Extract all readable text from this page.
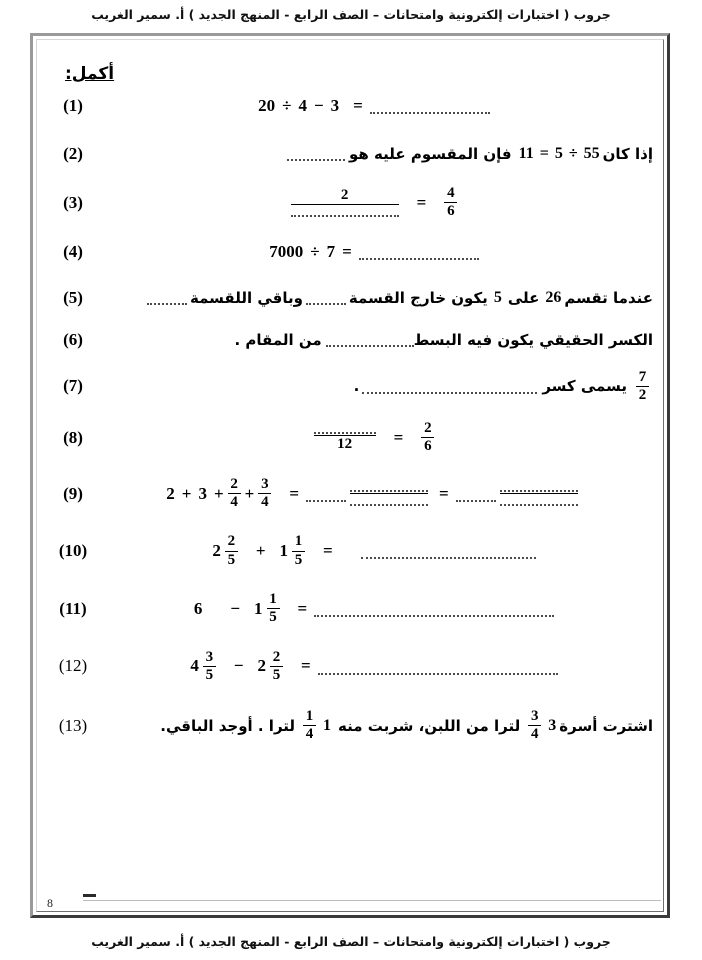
جروب ( اختبارات إلكترونية وامتحانات – الصف الرابع - المنهج الجديد ) أ. سمير الغريب
أكمل:
20 ÷ 4 − 3 =
(1)
إذا كان
55
÷
5
=
11
فإن المقسوم عليه هو
(2)
2	= $\frac{4}{6}$
(3)
7000 ÷ 7 =
(4)
عندما تقسم
26
على
5
يكون خارج القسمة
وباقي اللقسمة
(5)
الكسر الحقيقي يكون فيه البسط
من المقام .
(6)
$\frac{7}{2}$
يسمى كسر
.
(7)
$12 = \frac{2}{6}$
(8)
$2 + 3 + \frac{2}{4} + \frac{3}{4}$ =	=
(9)
$2 \frac{2}{5} + 1 \frac{1}{5}$ =
(10)
$6 - 1 \frac{1}{5}$ =
(11)
$4 \frac{3}{5} - 2 \frac{2}{5}$ =
(12)
اشترت أسرة
3
$\frac{3}{4}$
لترا من اللبن، شربت منه
1
$\frac{1}{4}$
لترا . أوجد الباقي.
(13)
8
جروب ( اختبارات إلكترونية وامتحانات – الصف الرابع - المنهج الجديد ) أ. سمير الغريب
